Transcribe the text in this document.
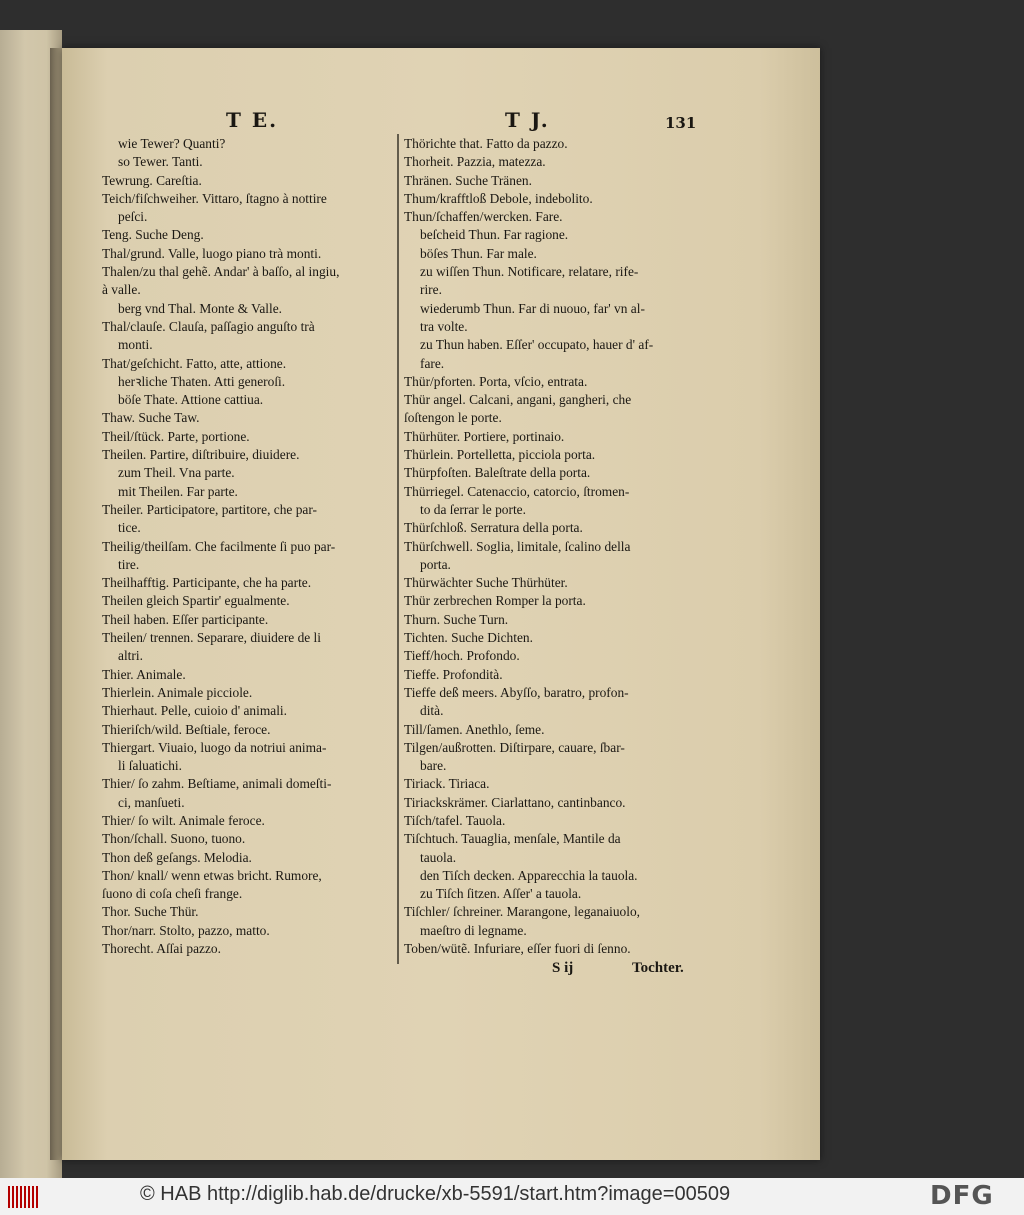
T E.	T J.	131
wie Tewer? Quanti?
so Tewer. Tanti.
Tewrung. Careſtia.
Teich/fiſchweiher. Vittaro, ſtagno à nottire
peſci.
Teng. Suche Deng.
Thal/grund. Valle, luogo piano trà monti.
Thalen/zu thal gehẽ. Andar' à baſſo, al ingiu,
à valle.
berg vnd Thal. Monte & Valle.
Thal/clauſe. Clauſa, paſſagio anguſto trà
monti.
That/geſchicht. Fatto, atte, attione.
herꝛliche Thaten. Atti generoſi.
böſe Thate. Attione cattiua.
Thaw. Suche Taw.
Theil/ſtück. Parte, portione.
Theilen. Partire, diſtribuire, diuidere.
zum Theil. Vna parte.
mit Theilen. Far parte.
Theiler. Participatore, partitore, che par-
tice.
Theilig/theilſam. Che facilmente ſi puo par-
tire.
Theilhafftig. Participante, che ha parte.
Theilen gleich Spartir' egualmente.
Theil haben. Eſſer participante.
Theilen/ trennen. Separare, diuidere de li
altri.
Thier. Animale.
Thierlein. Animale picciole.
Thierhaut. Pelle, cuioio d' animali.
Thieriſch/wild. Beſtiale, feroce.
Thiergart. Viuaio, luogo da notriui anima-
li ſaluatichi.
Thier/ ſo zahm. Beſtiame, animali domeſti-
ci, manſueti.
Thier/ ſo wilt. Animale feroce.
Thon/ſchall. Suono, tuono.
Thon deß geſangs. Melodia.
Thon/ knall/ wenn etwas bricht. Rumore,
ſuono di coſa cheſi frange.
Thor. Suche Thür.
Thor/narr. Stolto, pazzo, matto.
Thorecht. Aſſai pazzo.
Thörichte that. Fatto da pazzo.
Thorheit. Pazzia, matezza.
Thränen. Suche Tränen.
Thum/krafftloß Debole, indebolito.
Thun/ſchaffen/wercken. Fare.
beſcheid Thun. Far ragione.
böſes Thun. Far male.
zu wiſſen Thun. Notificare, relatare, rife-
rire.
wiederumb Thun. Far di nuouo, far' vn al-
tra volte.
zu Thun haben. Eſſer' occupato, hauer d' af-
fare.
Thür/pforten. Porta, vſcio, entrata.
Thür angel. Calcani, angani, gangheri, che
ſoſtengon le porte.
Thürhüter. Portiere, portinaio.
Thürlein. Portelletta, picciola porta.
Thürpfoſten. Baleſtrate della porta.
Thürriegel. Catenaccio, catorcio, ſtromen-
to da ſerrar le porte.
Thürſchloß. Serratura della porta.
Thürſchwell. Soglia, limitale, ſcalino della
porta.
Thürwächter Suche Thürhüter.
Thür zerbrechen Romper la porta.
Thurn. Suche Turn.
Tichten. Suche Dichten.
Tieff/hoch. Profondo.
Tieffe. Profondità.
Tieffe deß meers. Abyſſo, baratro, profon-
dità.
Till/ſamen. Anethlo, ſeme.
Tilgen/außrotten. Diſtirpare, cauare, ſbar-
bare.
Tiriack. Tiriaca.
Tiriackskrämer. Ciarlattano, cantinbanco.
Tiſch/tafel. Tauola.
Tiſchtuch. Tauaglia, menſale, Mantile da
tauola.
den Tiſch decken. Apparecchia la tauola.
zu Tiſch ſitzen. Aſſer' a tauola.
Tiſchler/ ſchreiner. Marangone, leganaiuolo,
maeſtro di legname.
Toben/wütẽ. Infuriare, eſſer fuori di ſenno.
S ij	Tochter.
© HAB http://diglib.hab.de/drucke/xb-5591/start.htm?image=00509	DFG
